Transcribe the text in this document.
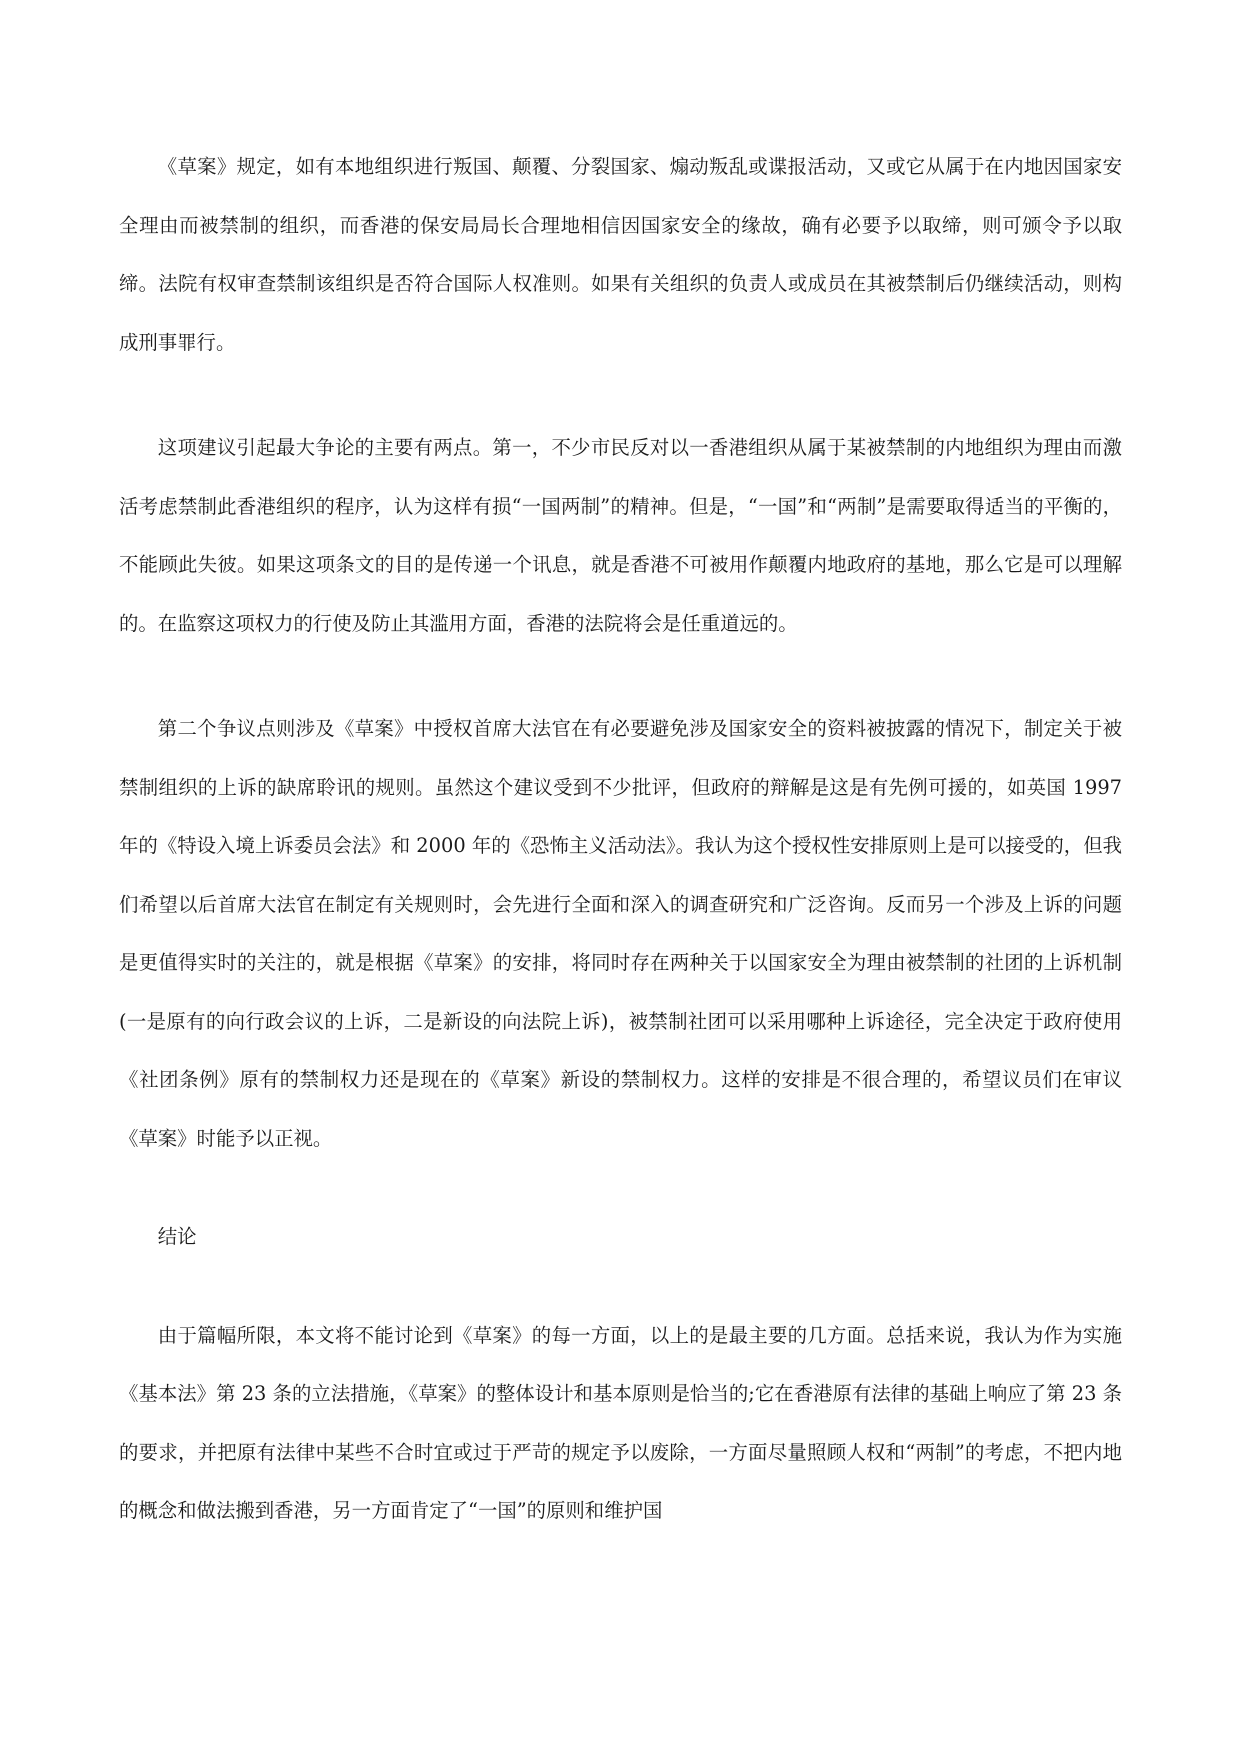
《草案》规定，如有本地组织进行叛国、颠覆、分裂国家、煽动叛乱或谍报活动，又或它从属于在内地因国家安全理由而被禁制的组织，而香港的保安局局长合理地相信因国家安全的缘故，确有必要予以取缔，则可颁令予以取缔。法院有权审查禁制该组织是否符合国际人权准则。如果有关组织的负责人或成员在其被禁制后仍继续活动，则构成刑事罪行。

这项建议引起最大争论的主要有两点。第一，不少市民反对以一香港组织从属于某被禁制的内地组织为理由而激活考虑禁制此香港组织的程序，认为这样有损“一国两制”的精神。但是，“一国”和“两制”是需要取得适当的平衡的，不能顾此失彼。如果这项条文的目的是传递一个讯息，就是香港不可被用作颠覆内地政府的基地，那么它是可以理解的。在监察这项权力的行使及防止其滥用方面，香港的法院将会是任重道远的。

第二个争议点则涉及《草案》中授权首席大法官在有必要避免涉及国家安全的资料被披露的情况下，制定关于被禁制组织的上诉的缺席聆讯的规则。虽然这个建议受到不少批评，但政府的辩解是这是有先例可援的，如英国 1997 年的《特设入境上诉委员会法》和 2000 年的《恐怖主义活动法》。我认为这个授权性安排原则上是可以接受的，但我们希望以后首席大法官在制定有关规则时，会先进行全面和深入的调查研究和广泛咨询。反而另一个涉及上诉的问题是更值得实时的关注的，就是根据《草案》的安排，将同时存在两种关于以国家安全为理由被禁制的社团的上诉机制(一是原有的向行政会议的上诉，二是新设的向法院上诉)，被禁制社团可以采用哪种上诉途径，完全决定于政府使用《社团条例》原有的禁制权力还是现在的《草案》新设的禁制权力。这样的安排是不很合理的，希望议员们在审议《草案》时能予以正视。

结论

由于篇幅所限，本文将不能讨论到《草案》的每一方面，以上的是最主要的几方面。总括来说，我认为作为实施《基本法》第 23 条的立法措施，《草案》的整体设计和基本原则是恰当的;它在香港原有法律的基础上响应了第 23 条的要求，并把原有法律中某些不合时宜或过于严苛的规定予以废除，一方面尽量照顾人权和“两制”的考虑，不把内地的概念和做法搬到香港，另一方面肯定了“一国”的原则和维护国
